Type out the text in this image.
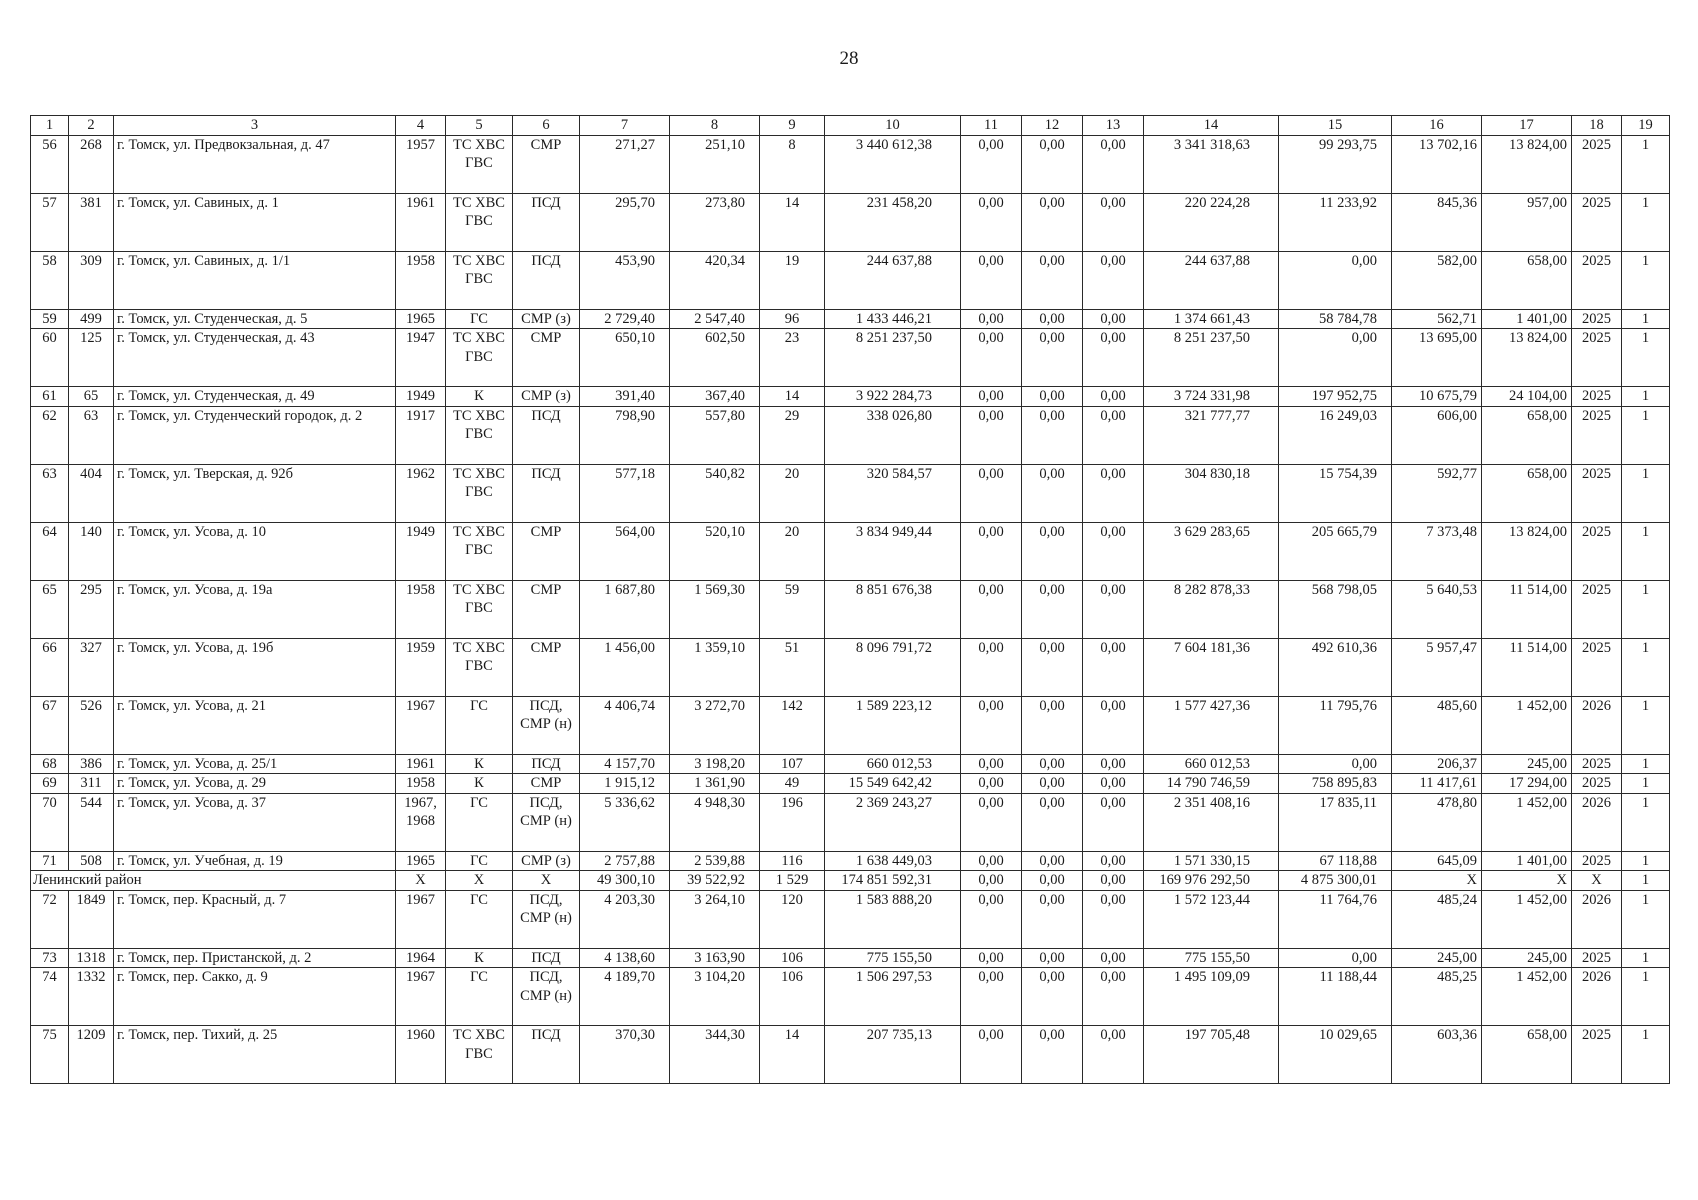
28
1	2	3	4	5	6	7	8	9	10	11	12	13	14	15	16	17	18	19
56	268	г. Томск, ул. Предвокзальная, д. 47	1957	ТС ХВС ГВС	СМР	271,27	251,10	8	3 440 612,38	0,00	0,00	0,00	3 341 318,63	99 293,75	13 702,16	13 824,00	2025	1
57	381	г. Томск, ул. Савиных, д. 1	1961	ТС ХВС ГВС	ПСД	295,70	273,80	14	231 458,20	0,00	0,00	0,00	220 224,28	11 233,92	845,36	957,00	2025	1
58	309	г. Томск, ул. Савиных, д. 1/1	1958	ТС ХВС ГВС	ПСД	453,90	420,34	19	244 637,88	0,00	0,00	0,00	244 637,88	0,00	582,00	658,00	2025	1
59	499	г. Томск, ул. Студенческая, д. 5	1965	ГС	СМР (з)	2 729,40	2 547,40	96	1 433 446,21	0,00	0,00	0,00	1 374 661,43	58 784,78	562,71	1 401,00	2025	1
60	125	г. Томск, ул. Студенческая, д. 43	1947	ТС ХВС ГВС	СМР	650,10	602,50	23	8 251 237,50	0,00	0,00	0,00	8 251 237,50	0,00	13 695,00	13 824,00	2025	1
61	65	г. Томск, ул. Студенческая, д. 49	1949	К	СМР (з)	391,40	367,40	14	3 922 284,73	0,00	0,00	0,00	3 724 331,98	197 952,75	10 675,79	24 104,00	2025	1
62	63	г. Томск, ул. Студенческий городок, д. 2	1917	ТС ХВС ГВС	ПСД	798,90	557,80	29	338 026,80	0,00	0,00	0,00	321 777,77	16 249,03	606,00	658,00	2025	1
63	404	г. Томск, ул. Тверская, д. 92б	1962	ТС ХВС ГВС	ПСД	577,18	540,82	20	320 584,57	0,00	0,00	0,00	304 830,18	15 754,39	592,77	658,00	2025	1
64	140	г. Томск, ул. Усова, д. 10	1949	ТС ХВС ГВС	СМР	564,00	520,10	20	3 834 949,44	0,00	0,00	0,00	3 629 283,65	205 665,79	7 373,48	13 824,00	2025	1
65	295	г. Томск, ул. Усова, д. 19а	1958	ТС ХВС ГВС	СМР	1 687,80	1 569,30	59	8 851 676,38	0,00	0,00	0,00	8 282 878,33	568 798,05	5 640,53	11 514,00	2025	1
66	327	г. Томск, ул. Усова, д. 19б	1959	ТС ХВС ГВС	СМР	1 456,00	1 359,10	51	8 096 791,72	0,00	0,00	0,00	7 604 181,36	492 610,36	5 957,47	11 514,00	2025	1
67	526	г. Томск, ул. Усова, д. 21	1967	ГС	ПСД, СМР (н)	4 406,74	3 272,70	142	1 589 223,12	0,00	0,00	0,00	1 577 427,36	11 795,76	485,60	1 452,00	2026	1
68	386	г. Томск, ул. Усова, д. 25/1	1961	К	ПСД	4 157,70	3 198,20	107	660 012,53	0,00	0,00	0,00	660 012,53	0,00	206,37	245,00	2025	1
69	311	г. Томск, ул. Усова, д. 29	1958	К	СМР	1 915,12	1 361,90	49	15 549 642,42	0,00	0,00	0,00	14 790 746,59	758 895,83	11 417,61	17 294,00	2025	1
70	544	г. Томск, ул. Усова, д. 37	1967, 1968	ГС	ПСД, СМР (н)	5 336,62	4 948,30	196	2 369 243,27	0,00	0,00	0,00	2 351 408,16	17 835,11	478,80	1 452,00	2026	1
71	508	г. Томск, ул. Учебная, д. 19	1965	ГС	СМР (з)	2 757,88	2 539,88	116	1 638 449,03	0,00	0,00	0,00	1 571 330,15	67 118,88	645,09	1 401,00	2025	1
Ленинский район			Х	Х	Х	49 300,10	39 522,92	1 529	174 851 592,31	0,00	0,00	0,00	169 976 292,50	4 875 300,01	Х	Х	Х	1
72	1849	г. Томск, пер. Красный, д. 7	1967	ГС	ПСД, СМР (н)	4 203,30	3 264,10	120	1 583 888,20	0,00	0,00	0,00	1 572 123,44	11 764,76	485,24	1 452,00	2026	1
73	1318	г. Томск, пер. Пристанской, д. 2	1964	К	ПСД	4 138,60	3 163,90	106	775 155,50	0,00	0,00	0,00	775 155,50	0,00	245,00	245,00	2025	1
74	1332	г. Томск, пер. Сакко, д. 9	1967	ГС	ПСД, СМР (н)	4 189,70	3 104,20	106	1 506 297,53	0,00	0,00	0,00	1 495 109,09	11 188,44	485,25	1 452,00	2026	1
75	1209	г. Томск, пер. Тихий, д. 25	1960	ТС ХВС ГВС	ПСД	370,30	344,30	14	207 735,13	0,00	0,00	0,00	197 705,48	10 029,65	603,36	658,00	2025	1
